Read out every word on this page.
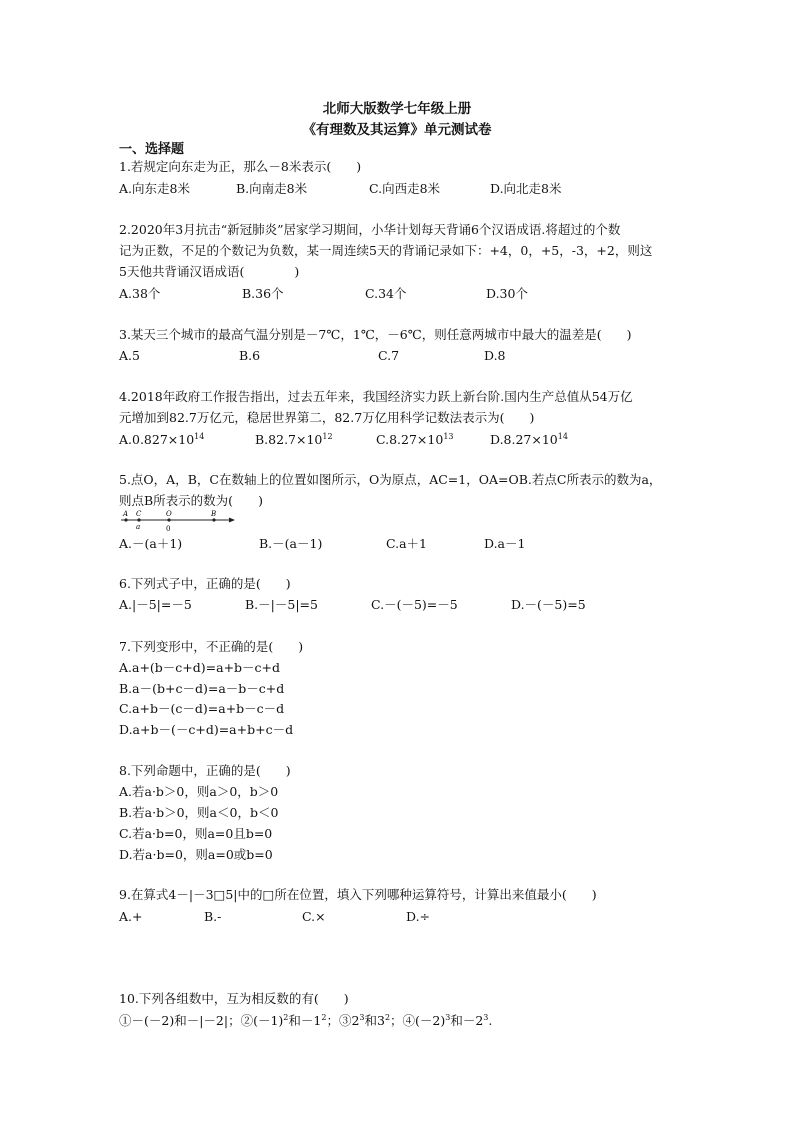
北师大版数学七年级上册
《有理数及其运算》单元测试卷
一、选择题
1.若规定向东走为正，那么－8米表示(　　)
A.向东走8米	B.向南走8米	C.向西走8米	D.向北走8米
2.2020年3月抗击“新冠肺炎”居家学习期间，小华计划每天背诵6个汉语成语.将超过的个数
记为正数，不足的个数记为负数，某一周连续5天的背诵记录如下：+4，0，+5，-3，+2，则这
5天他共背诵汉语成语(　　　　)
A.38个	B.36个	C.34个	D.30个
3.某天三个城市的最高气温分别是－7℃，1℃，－6℃，则任意两城市中最大的温差是(　　)
A.5	B.6	C.7	D.8
4.2018年政府工作报告指出，过去五年来，我国经济实力跃上新台阶.国内生产总值从54万亿
元增加到82.7万亿元，稳居世界第二，82.7万亿用科学记数法表示为(　　)
$A.0.827\times 10^{14}$	$B.82.7\times 10^{12}$	$C.8.27\times 10^{13}$	$D.8.27\times 10^{14}$
5.点O，A，B，C在数轴上的位置如图所示，O为原点，AC=1，OA=OB.若点C所表示的数为a，
则点B所表示的数为(　　)
A C	O	B
a	0
A.－(a＋1)	B.－(a－1)	C.a＋1	D.a－1
6.下列式子中，正确的是(　　)
A.|－5|=－5	B.－|－5|=5	C.－(－5)=－5	D.－(－5)=5
7.下列变形中，不正确的是(　　)
A.a+(b－c+d)=a+b－c+d
B.a－(b+c－d)=a－b－c+d
C.a+b－(c－d)=a+b－c－d
D.a+b－(－c+d)=a+b+c－d
8.下列命题中，正确的是(　　)
A.若a·b＞0，则a＞0，b＞0
B.若a·b＞0，则a＜0，b＜0
C.若a·b=0，则a=0且b=0
D.若a·b=0，则a=0或b=0
9.在算式4－|－3□5|中的□所在位置，填入下列哪种运算符号，计算出来值最小(　　)
A.+	B.-	C.×	D.÷
10.下列各组数中，互为相反数的有(　　)
①－(－2)和－|－2|；$②(-1)^2$和$-1^2$；$③2^3$和$3^2$；$④(-2)^3$和$-2^3$.
